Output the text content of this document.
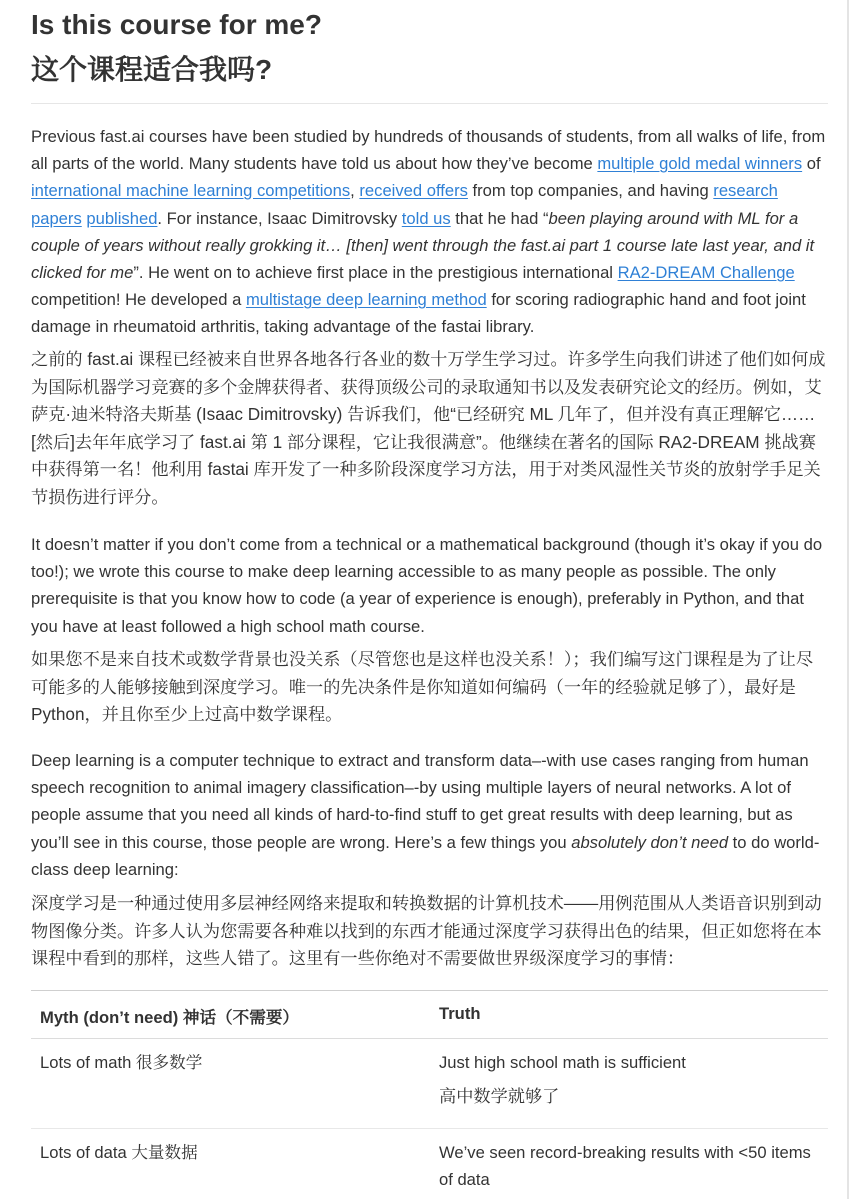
Is this course for me?
这个课程适合我吗?

Previous fast.ai courses have been studied by hundreds of thousands of students, from all walks of life, from all parts of the world. Many students have told us about how they’ve become multiple gold medal winners of international machine learning competitions, received offers from top companies, and having research papers published. For instance, Isaac Dimitrovsky told us that he had “been playing around with ML for a couple of years without really grokking it… [then] went through the fast.ai part 1 course late last year, and it clicked for me”. He went on to achieve first place in the prestigious international RA2-DREAM Challenge competition! He developed a multistage deep learning method for scoring radiographic hand and foot joint damage in rheumatoid arthritis, taking advantage of the fastai library.

之前的 fast.ai 课程已经被来自世界各地各行各业的数十万学生学习过。许多学生向我们讲述了他们如何成为国际机器学习竞赛的多个金牌获得者、获得顶级公司的录取通知书以及发表研究论文的经历。例如，艾萨克·迪米特洛夫斯基 (Isaac Dimitrovsky) 告诉我们，他“已经研究 ML 几年了，但并没有真正理解它……[然后]去年年底学习了 fast.ai 第 1 部分课程，它让我很满意”。他继续在著名的国际 RA2-DREAM 挑战赛中获得第一名！他利用 fastai 库开发了一种多阶段深度学习方法，用于对类风湿性关节炎的放射学手足关节损伤进行评分。

It doesn’t matter if you don’t come from a technical or a mathematical background (though it’s okay if you do too!); we wrote this course to make deep learning accessible to as many people as possible. The only prerequisite is that you know how to code (a year of experience is enough), preferably in Python, and that you have at least followed a high school math course.

如果您不是来自技术或数学背景也没关系（尽管您也是这样也没关系！）；我们编写这门课程是为了让尽可能多的人能够接触到深度学习。唯一的先决条件是你知道如何编码（一年的经验就足够了），最好是 Python，并且你至少上过高中数学课程。

Deep learning is a computer technique to extract and transform data–-with use cases ranging from human speech recognition to animal imagery classification–-by using multiple layers of neural networks. A lot of people assume that you need all kinds of hard-to-find stuff to get great results with deep learning, but as you’ll see in this course, those people are wrong. Here’s a few things you absolutely don’t need to do world-class deep learning:

深度学习是一种通过使用多层神经网络来提取和转换数据的计算机技术——用例范围从人类语音识别到动物图像分类。许多人认为您需要各种难以找到的东西才能通过深度学习获得出色的结果，但正如您将在本课程中看到的那样，这些人错了。这里有一些你绝对不需要做世界级深度学习的事情：

Myth (don’t need) 神话（不需要）	Truth
Lots of math 很多数学	Just high school math is sufficient
高中数学就够了
Lots of data 大量数据	We’ve seen record-breaking results with <50 items of data
